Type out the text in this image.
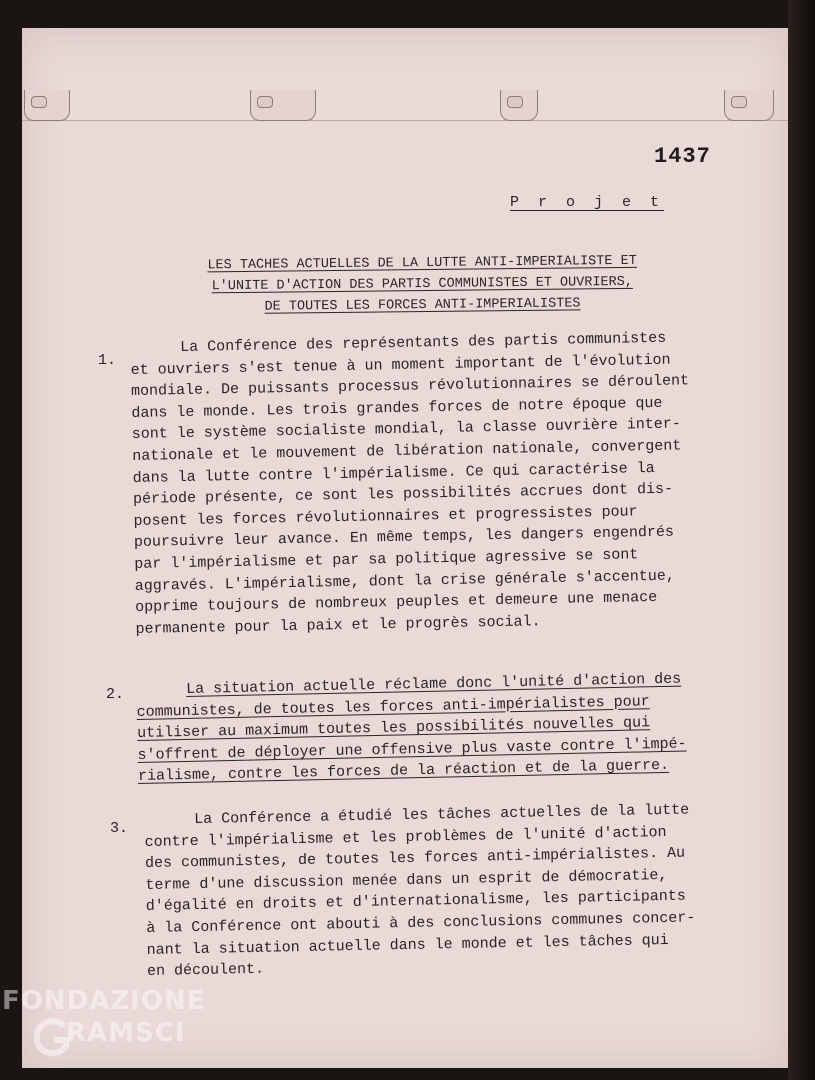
1437
P r o j e t
LES TACHES ACTUELLES DE LA LUTTE ANTI-IMPERIALISTE ET
L'UNITE D'ACTION DES PARTIS COMMUNISTES ET OUVRIERS,
DE TOUTES LES FORCES ANTI-IMPERIALISTES
1.
La Conférence des représentants des partis communistes
et ouvriers s'est tenue à un moment important de l'évolution
mondiale. De puissants processus révolutionnaires se déroulent
dans le monde. Les trois grandes forces de notre époque que
sont le système socialiste mondial, la classe ouvrière inter-
nationale et le mouvement de libération nationale, convergent
dans la lutte contre l'impérialisme. Ce qui caractérise la
période présente, ce sont les possibilités accrues dont dis-
posent les forces révolutionnaires et progressistes pour
poursuivre leur avance. En même temps, les dangers engendrés
par l'impérialisme et par sa politique agressive se sont
aggravés. L'impérialisme, dont la crise générale s'accentue,
opprime toujours de nombreux peuples et demeure une menace
permanente pour la paix et le progrès social.
2.	La situation actuelle réclame donc l'unité d'action des
communistes, de toutes les forces anti-impérialistes pour
utiliser au maximum toutes les possibilités nouvelles qui
s'offrent de déployer une offensive plus vaste contre l'impé-
rialisme, contre les forces de la réaction et de la guerre.
3.
La Conférence a étudié les tâches actuelles de la lutte
contre l'impérialisme et les problèmes de l'unité d'action
des communistes, de toutes les forces anti-impérialistes. Au
terme d'une discussion menée dans un esprit de démocratie,
d'égalité en droits et d'internationalisme, les participants
à la Conférence ont abouti à des conclusions communes concer-
nant la situation actuelle dans le monde et les tâches qui
en découlent.
FONDAZIONE
RAMSCI
